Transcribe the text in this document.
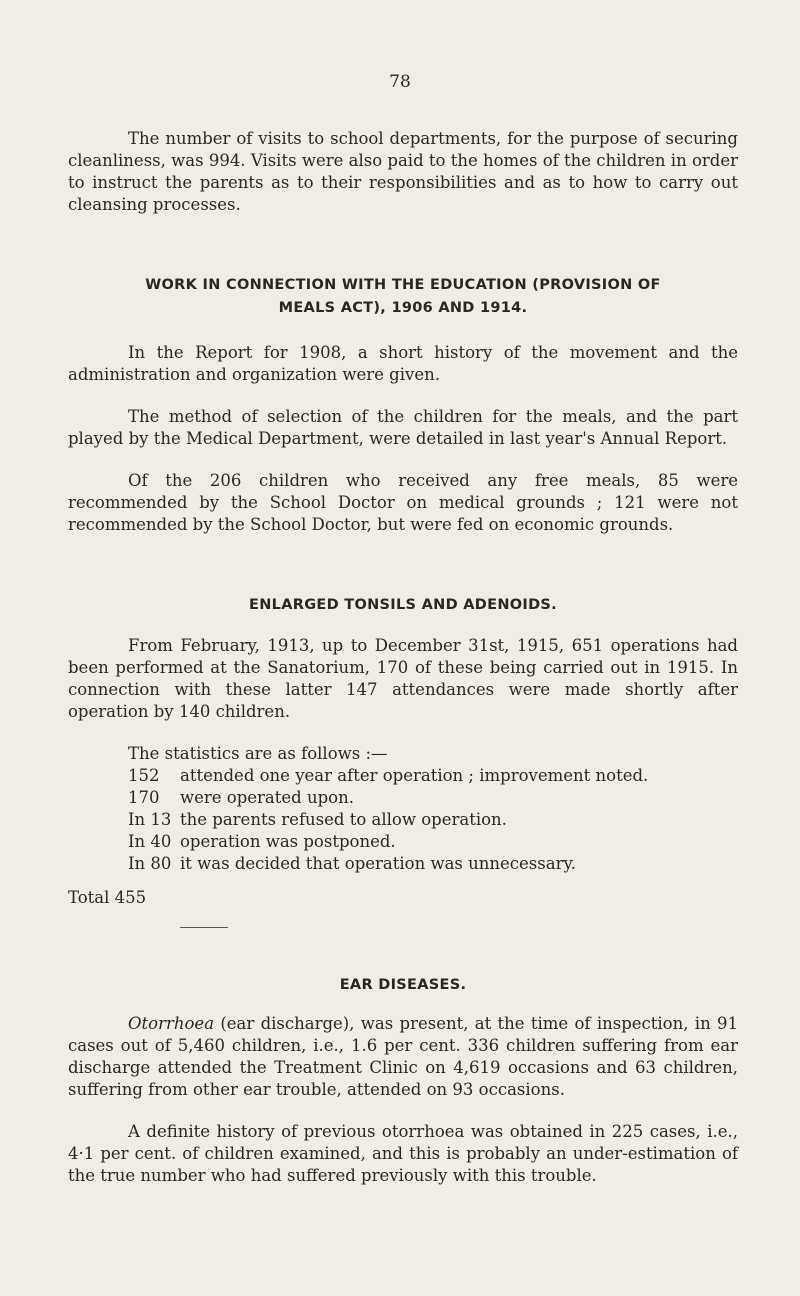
78

The number of visits to school departments, for the purpose of securing cleanliness, was 994. Visits were also paid to the homes of the children in order to instruct the parents as to their responsibilities and as to how to carry out cleansing processes.

WORK IN CONNECTION WITH THE EDUCATION (PROVISION OF
MEALS ACT), 1906 AND 1914.

In the Report for 1908, a short history of the movement and the administration and organization were given.

The method of selection of the children for the meals, and the part played by the Medical Department, were detailed in last year's Annual Report.

Of the 206 children who received any free meals, 85 were recommended by the School Doctor on medical grounds ; 121 were not recommended by the School Doctor, but were fed on economic grounds.

ENLARGED TONSILS AND ADENOIDS.

From February, 1913, up to December 31st, 1915, 651 operations had been performed at the Sanatorium, 170 of these being carried out in 1915. In connection with these latter 147 attendances were made shortly after operation by 140 children.

The statistics are as follows :—

152	attended one year after operation ; improvement noted.
170	were operated upon.
In 13 the parents refused to allow operation.
In 40 operation was postponed.
In 80 it was decided that operation was unnecessary.
Total 455
EAR DISEASES.

Otorrhoea (ear discharge), was present, at the time of inspection, in 91 cases out of 5,460 children, i.e., 1.6 per cent. 336 children suffering from ear discharge attended the Treatment Clinic on 4,619 occasions and 63 children, suffering from other ear trouble, attended on 93 occasions.

A definite history of previous otorrhoea was obtained in 225 cases, i.e., 4·1 per cent. of children examined, and this is probably an under-estimation of the true number who had suffered previously with this trouble.
